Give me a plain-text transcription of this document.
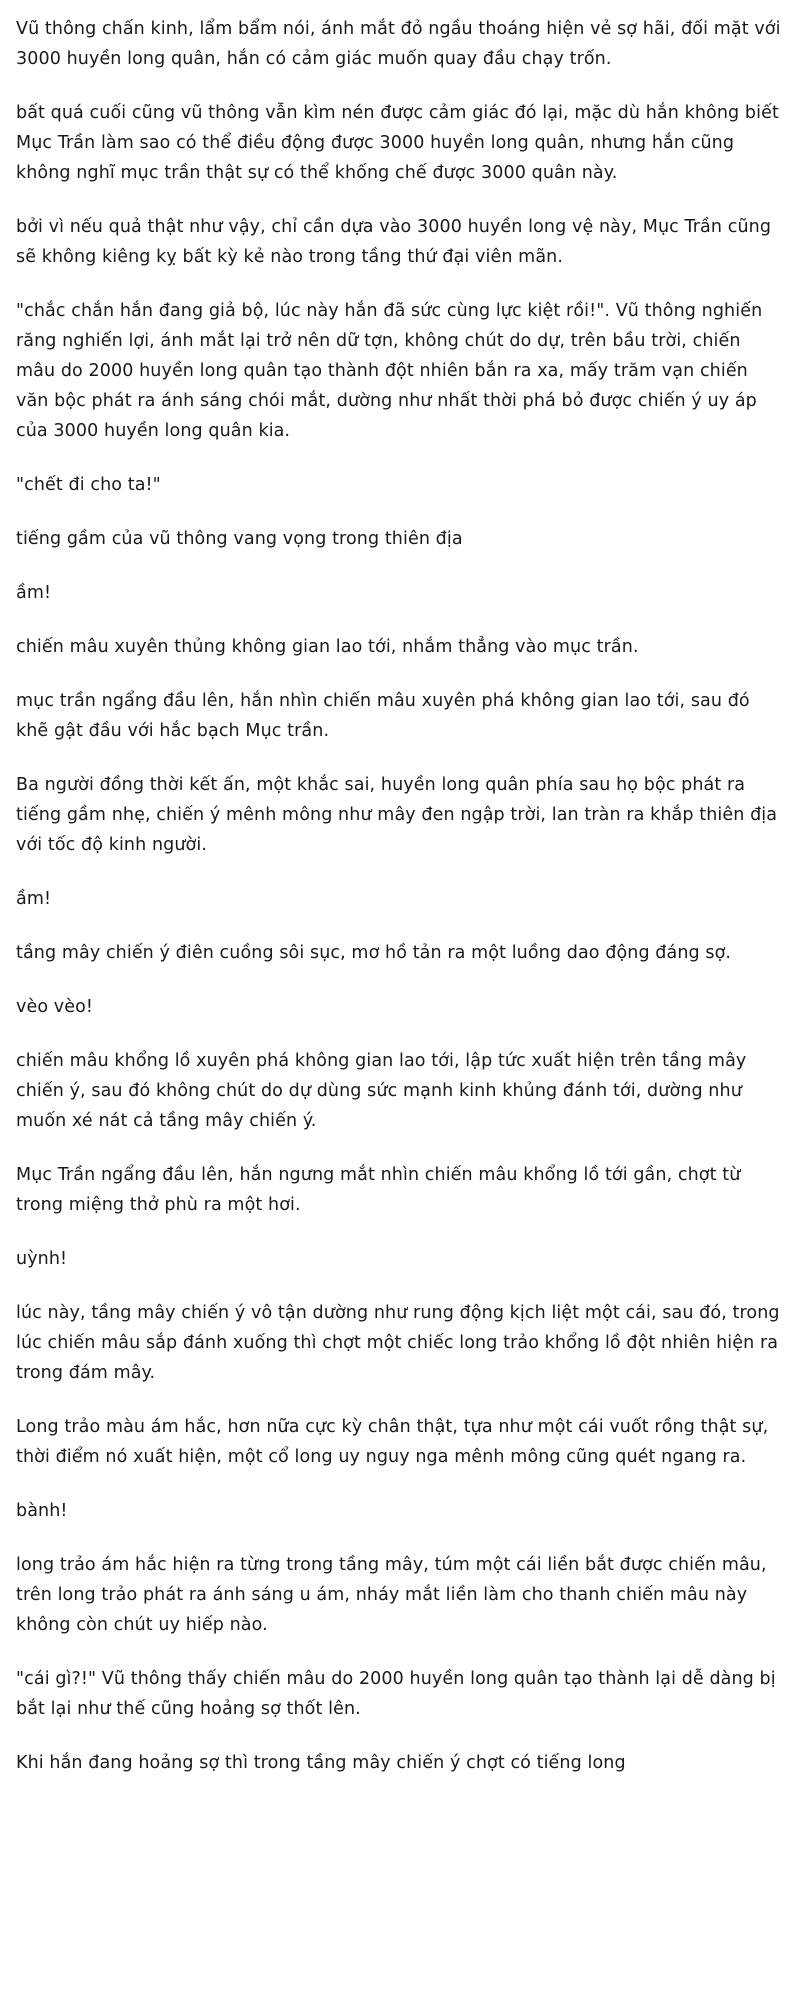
Vũ thông chấn kinh, lẩm bẩm nói, ánh mắt đỏ ngầu thoáng hiện vẻ sợ hãi, đối mặt với 3000 huyền long quân, hắn có cảm giác muốn quay đầu chạy trốn.

bất quá cuối cũng vũ thông vẫn kìm nén được cảm giác đó lại, mặc dù hắn không biết Mục Trần làm sao có thể điều động được 3000 huyền long quân, nhưng hắn cũng không nghĩ mục trần thật sự có thể khống chế được 3000 quân này.

bởi vì nếu quả thật như vậy, chỉ cần dựa vào 3000 huyền long vệ này, Mục Trần cũng sẽ không kiêng kỵ bất kỳ kẻ nào trong tầng thứ đại viên mãn.

"chắc chắn hắn đang giả bộ, lúc này hắn đã sức cùng lực kiệt rồi!". Vũ thông nghiến răng nghiến lợi, ánh mắt lại trở nên dữ tợn, không chút do dự, trên bầu trời, chiến mâu do 2000 huyền long quân tạo thành đột nhiên bắn ra xa, mấy trăm vạn chiến văn bộc phát ra ánh sáng chói mắt, dường như nhất thời phá bỏ được chiến ý uy áp của 3000 huyền long quân kia.

"chết đi cho ta!"

tiếng gầm của vũ thông vang vọng trong thiên địa

ầm!

chiến mâu xuyên thủng không gian lao tới, nhắm thẳng vào mục trần.

mục trần ngẩng đầu lên, hắn nhìn chiến mâu xuyên phá không gian lao tới, sau đó khẽ gật đầu với hắc bạch Mục trần.

Ba người đồng thời kết ấn, một khắc sai, huyền long quân phía sau họ bộc phát ra tiếng gầm nhẹ, chiến ý mênh mông như mây đen ngập trời, lan tràn ra khắp thiên địa với tốc độ kinh người.

ầm!

tầng mây chiến ý điên cuồng sôi sục, mơ hồ tản ra một luồng dao động đáng sợ.

vèo vèo!

chiến mâu khổng lồ xuyên phá không gian lao tới, lập tức xuất hiện trên tầng mây chiến ý, sau đó không chút do dự dùng sức mạnh kinh khủng đánh tới, dường như muốn xé nát cả tầng mây chiến ý.

Mục Trần ngẩng đầu lên, hắn ngưng mắt nhìn chiến mâu khổng lồ tới gần, chợt từ trong miệng thở phù ra một hơi.

uỳnh!

lúc này, tầng mây chiến ý vô tận dường như rung động kịch liệt một cái, sau đó, trong lúc chiến mâu sắp đánh xuống thì chợt một chiếc long trảo khổng lồ đột nhiên hiện ra trong đám mây.

Long trảo màu ám hắc, hơn nữa cực kỳ chân thật, tựa như một cái vuốt rồng thật sự, thời điểm nó xuất hiện, một cổ long uy nguy nga mênh mông cũng quét ngang ra.

bành!

long trảo ám hắc hiện ra từng trong tầng mây, túm một cái liền bắt được chiến mâu, trên long trảo phát ra ánh sáng u ám, nháy mắt liền làm cho thanh chiến mâu này không còn chút uy hiếp nào.

"cái gì?!" Vũ thông thấy chiến mâu do 2000 huyền long quân tạo thành lại dễ dàng bị bắt lại như thế cũng hoảng sợ thốt lên.

Khi hắn đang hoảng sợ thì trong tầng mây chiến ý chợt có tiếng long
